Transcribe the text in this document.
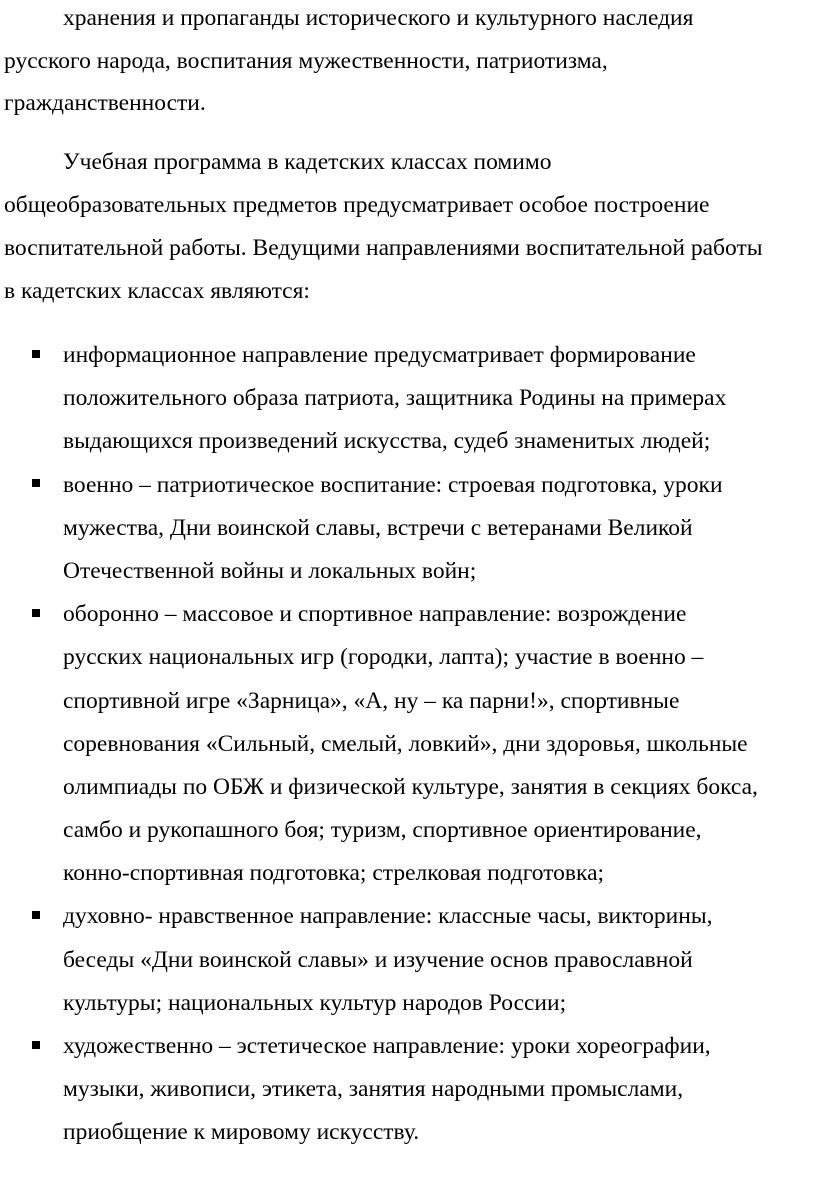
хранения и пропаганды исторического и культурного наследия
русского народа, воспитания мужественности, патриотизма,
гражданственности.
Учебная программа в кадетских классах помимо
общеобразовательных предметов предусматривает особое построение
воспитательной работы. Ведущими направлениями воспитательной работы
в кадетских классах являются:
информационное направление предусматривает формирование
положительного образа патриота, защитника Родины на примерах
выдающихся произведений искусства, судеб знаменитых людей;
военно – патриотическое воспитание: строевая подготовка, уроки
мужества, Дни воинской славы, встречи с ветеранами Великой
Отечественной войны и локальных войн;
оборонно – массовое и спортивное направление: возрождение
русских национальных игр (городки, лапта); участие в военно –
спортивной игре «Зарница», «А, ну – ка парни!», спортивные
соревнования «Сильный, смелый, ловкий», дни здоровья, школьные
олимпиады по ОБЖ и физической культуре, занятия в секциях бокса,
самбо и рукопашного боя; туризм, спортивное ориентирование,
конно-спортивная подготовка; стрелковая подготовка;
духовно- нравственное направление: классные часы, викторины,
беседы «Дни воинской славы» и изучение основ православной
культуры; национальных культур народов России;
художественно – эстетическое направление: уроки хореографии,
музыки, живописи, этикета, занятия народными промыслами,
приобщение к мировому искусству.
